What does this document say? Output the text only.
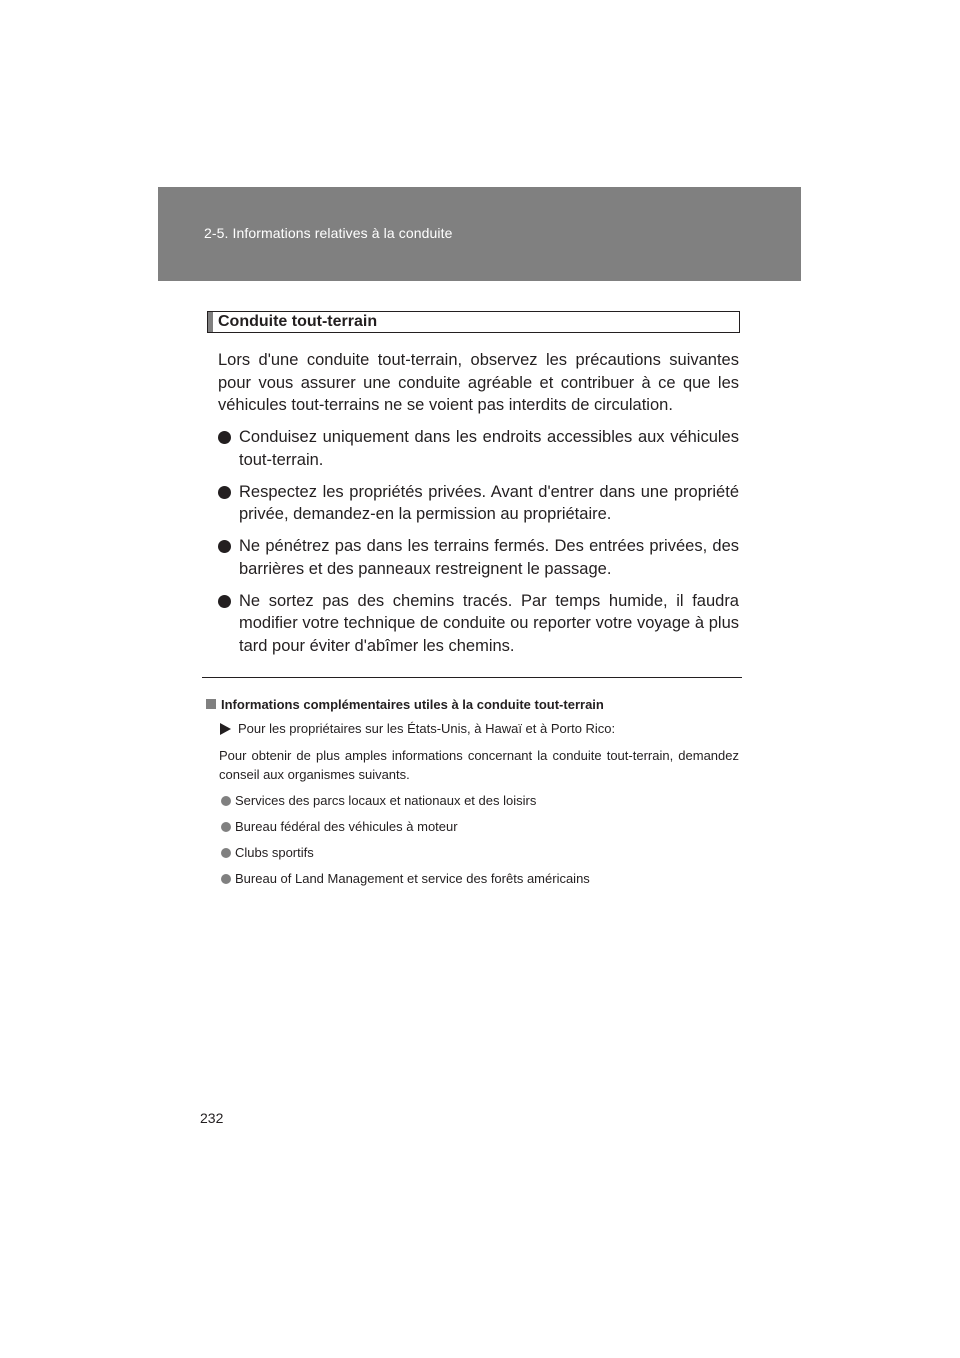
2-5. Informations relatives à la conduite
Conduite tout-terrain

Lors d'une conduite tout-terrain, observez les précautions suivantes pour vous assurer une conduite agréable et contribuer à ce que les véhicules tout-terrains ne se voient pas interdits de circulation.

Conduisez uniquement dans les endroits accessibles aux véhicules tout-terrain.
Respectez les propriétés privées. Avant d'entrer dans une propriété privée, demandez-en la permission au propriétaire.
Ne pénétrez pas dans les terrains fermés. Des entrées privées, des barrières et des panneaux restreignent le passage.
Ne sortez pas des chemins tracés. Par temps humide, il faudra modifier votre technique de conduite ou reporter votre voyage à plus tard pour éviter d'abîmer les chemins.
Informations complémentaires utiles à la conduite tout-terrain
Pour les propriétaires sur les États-Unis, à Hawaï et à Porto Rico:

Pour obtenir de plus amples informations concernant la conduite tout-terrain, demandez conseil aux organismes suivants.

Services des parcs locaux et nationaux et des loisirs
Bureau fédéral des véhicules à moteur
Clubs sportifs
Bureau of Land Management et service des forêts américains
232
